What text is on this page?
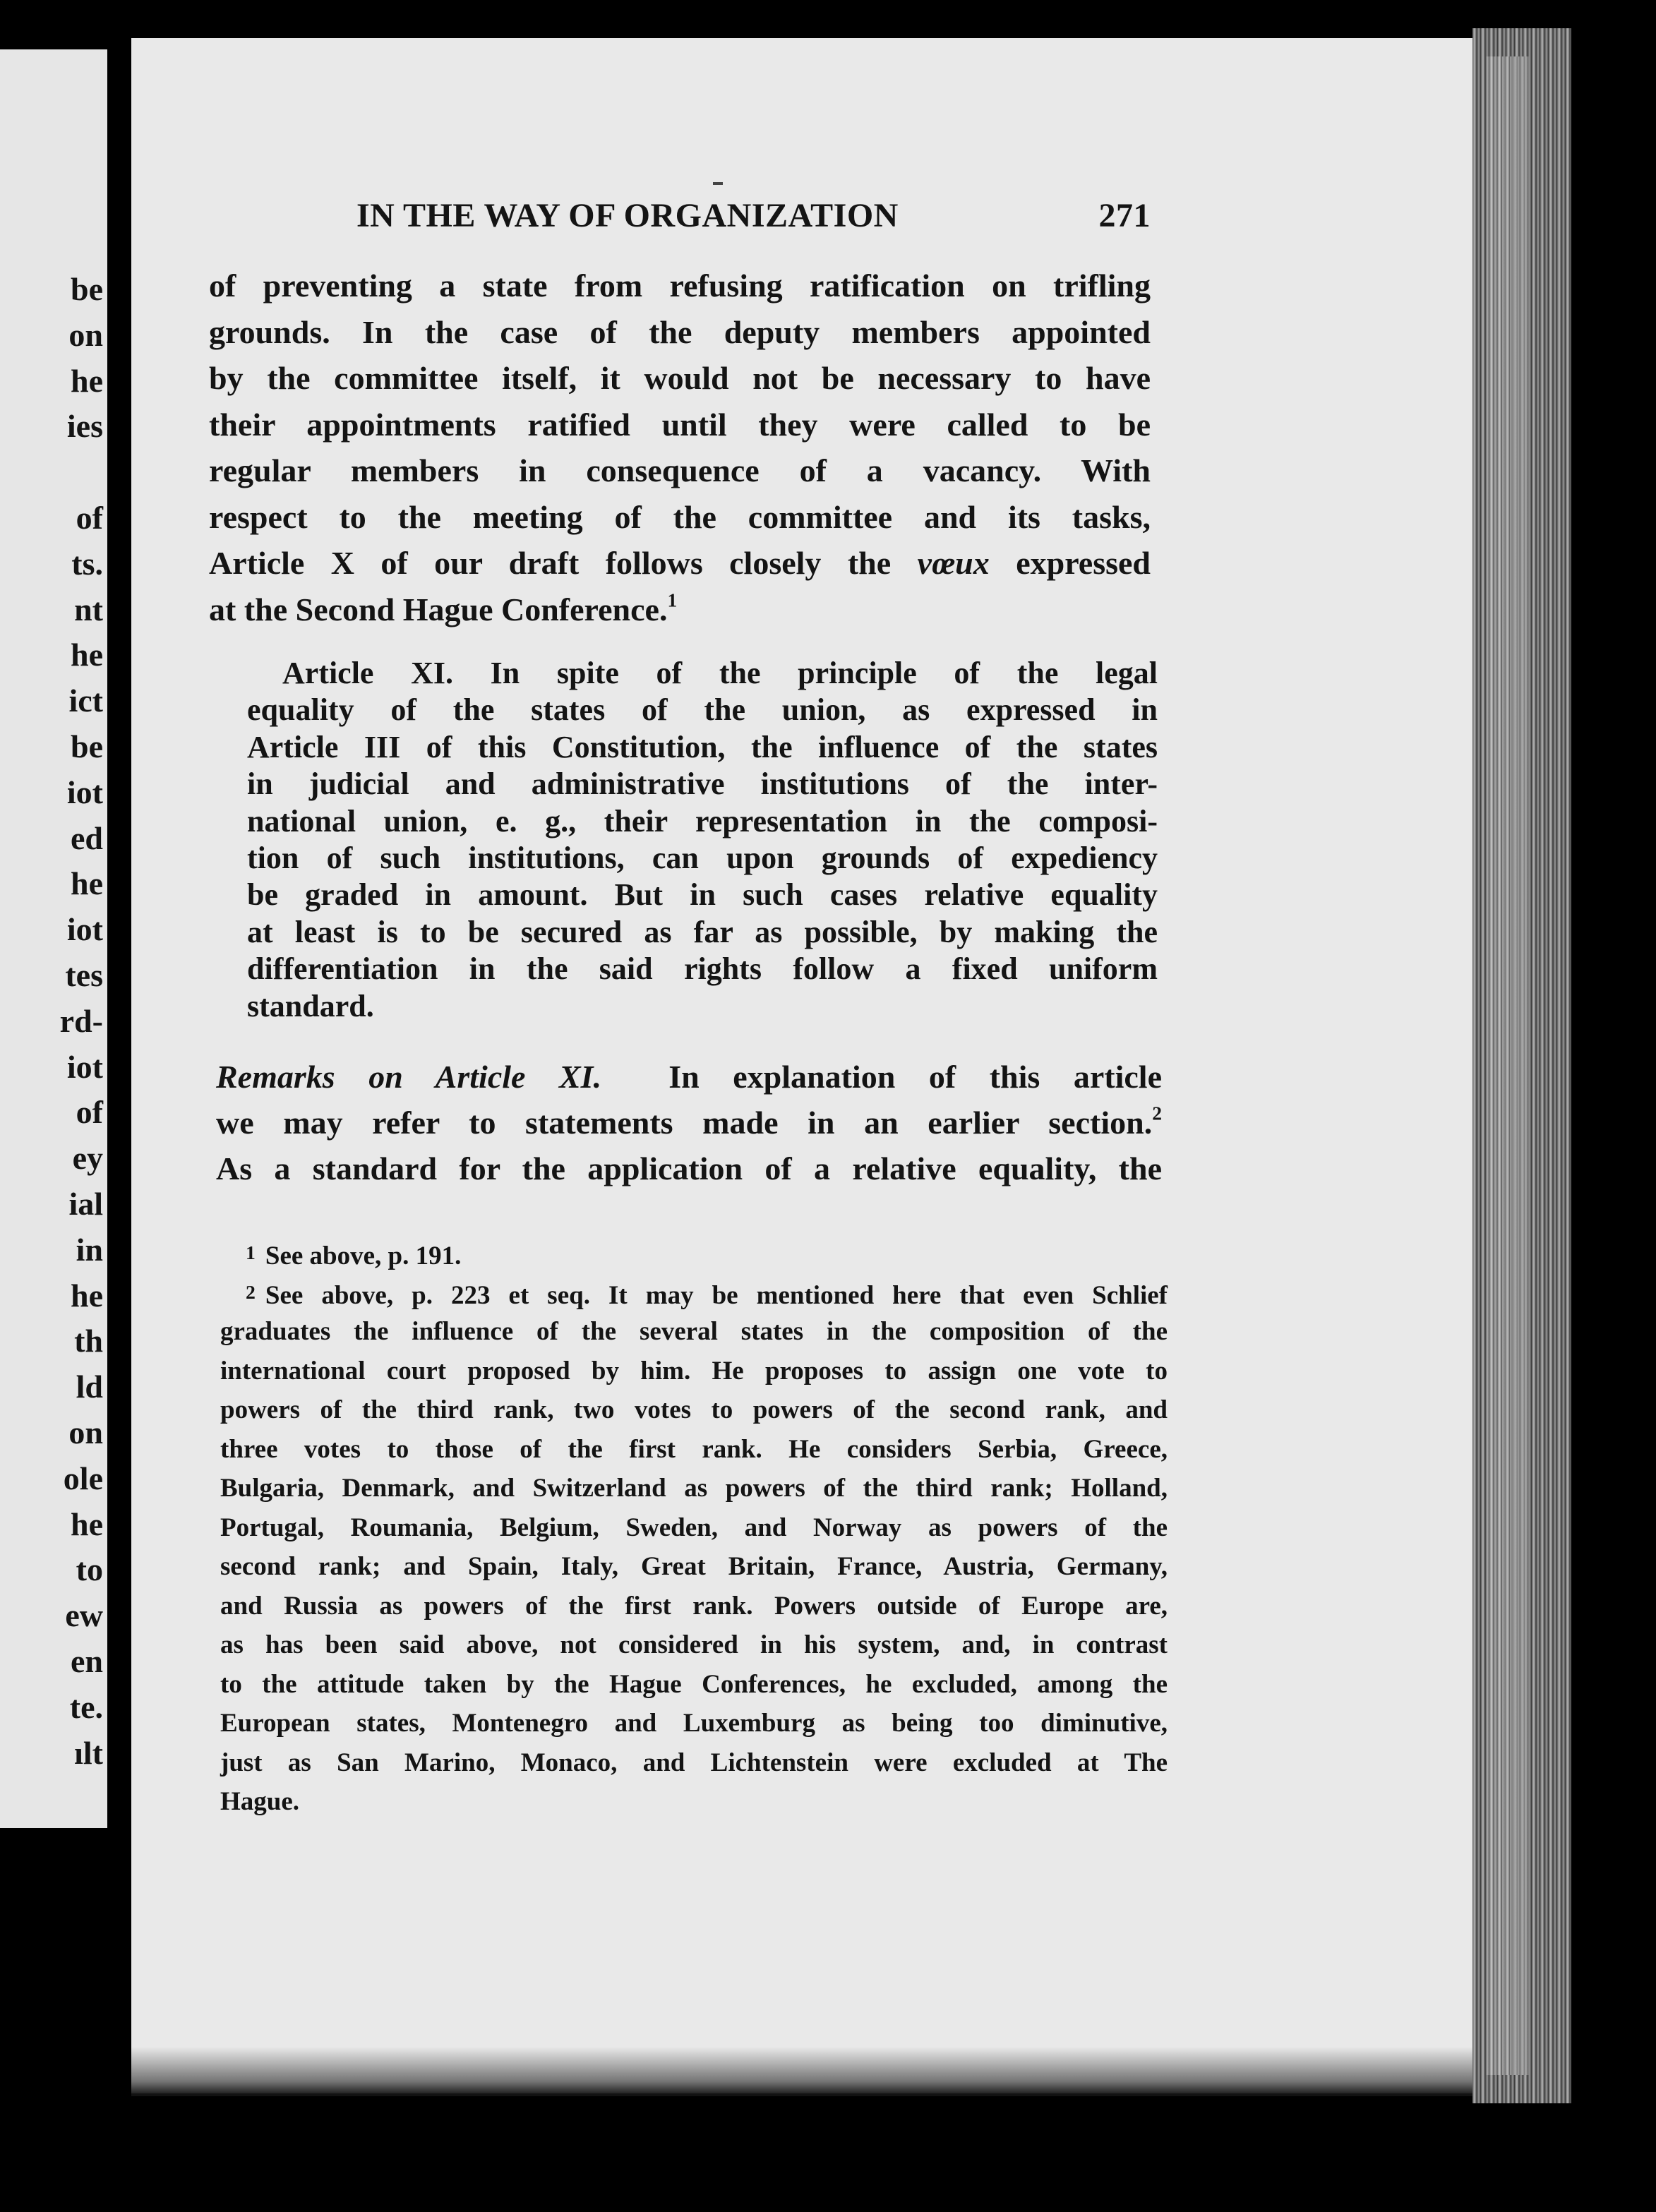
be
on
he
ies
of
ts.
nt
he
ict
be
iot
ed
he
iot
tes
rd-
iot
of
ey
ial
in
he
th
ld
on
ole
he
to
ew
en
te.
ılt
IN THE WAY OF ORGANIZATION	271
of preventing a state from refusing ratification on trifling
grounds. In the case of the deputy members appointed
by the committee itself, it would not be necessary to have
their appointments ratified until they were called to be
regular members in consequence of a vacancy. With
respect to the meeting of the committee and its tasks,
Article X of our draft follows closely the vœux expressed
at the Second Hague Conference.$^1$
Article XI. In spite of the principle of the legal
equality of the states of the union, as expressed in
Article III of this Constitution, the influence of the states
in judicial and administrative institutions of the inter-
national union, e. g., their representation in the composi-
tion of such institutions, can upon grounds of expediency
be graded in amount. But in such cases relative equality
at least is to be secured as far as possible, by making the
differentiation in the said rights follow a fixed uniform
standard.
Remarks on Article XI. In explanation of this article
we may refer to statements made in an earlier section.$^2$
As a standard for the application of a relative equality, the
1 See above, p. 191.
2 See above, p. 223 et seq. It may be mentioned here that even Schlief
graduates the influence of the several states in the composition of the
international court proposed by him. He proposes to assign one vote to
powers of the third rank, two votes to powers of the second rank, and
three votes to those of the first rank. He considers Serbia, Greece,
Bulgaria, Denmark, and Switzerland as powers of the third rank; Holland,
Portugal, Roumania, Belgium, Sweden, and Norway as powers of the
second rank; and Spain, Italy, Great Britain, France, Austria, Germany,
and Russia as powers of the first rank. Powers outside of Europe are,
as has been said above, not considered in his system, and, in contrast
to the attitude taken by the Hague Conferences, he excluded, among the
European states, Montenegro and Luxemburg as being too diminutive,
just as San Marino, Monaco, and Lichtenstein were excluded at The
Hague.
